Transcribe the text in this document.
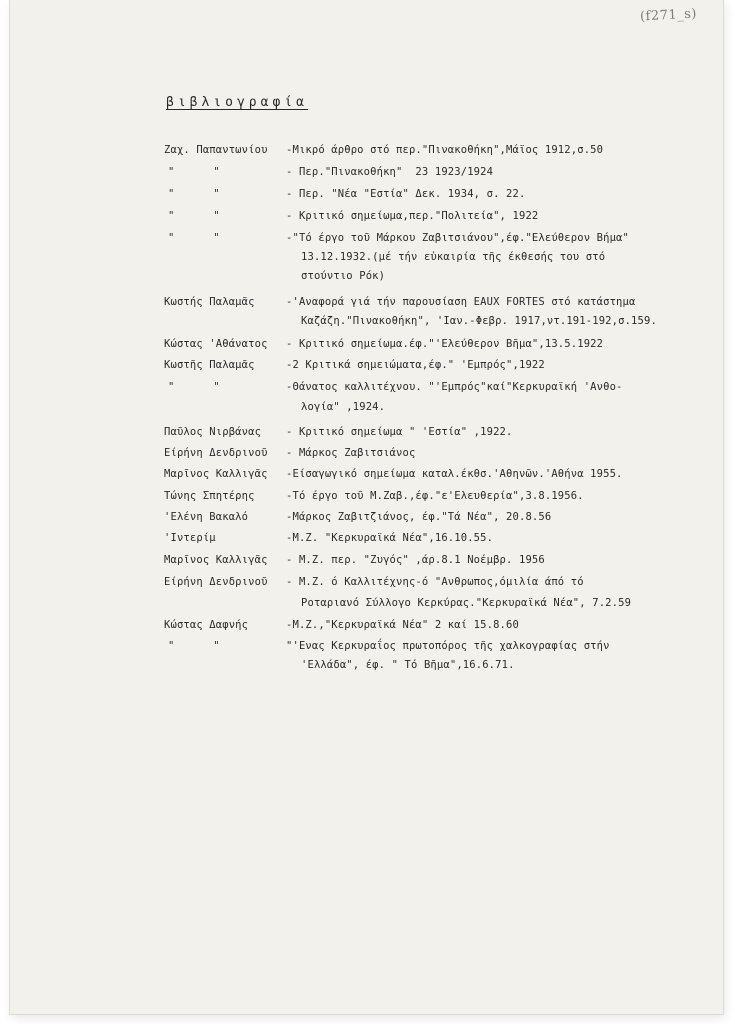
(f271_s)
βιβλιογραφία
Ζαχ. Παπαντωνίου -Μικρό άρθρο στό περ."Πινακοθήκη",Μάϊος 1912,σ.50
"      "	- Περ."Πινακοθήκη"  23 1923/1924
"      "	- Περ. "Νέα "Εστία" Δεκ. 1934, σ. 22.
"      "	- Κριτικό σημείωμα,περ."Πολιτεία", 1922
"      "	-"Τό έργο τοῦ Μάρκου Ζαβιτσιάνου",έφ."Ελεύθερον Βήμα"
13.12.1932.(μέ τήν εὐκαιρία τῆς έκθεσής του στό
στούντιο Ρόκ)
Κωστής Παλαμᾶς	-'Αναφορά γιά τήν παρουσίαση EAUX FORTES στό κατάστημα
Καζάζη."Πινακοθήκη", 'Ιαν.-Φεβρ. 1917,ντ.191-192,σ.159.
Κώστας 'Αθάνατος - Κριτικό σημείωμα.έφ."'Ελεύθερον Βῆμα",13.5.1922
Κωστῆς Παλαμᾶς	-2 Κριτικά σημειώματα,έφ." 'Εμπρός",1922
"      "	-Θάνατος καλλιτέχνου. "'Εμπρός"καί"Κερκυραϊκή 'Ανθο-
λογία" ,1924.
Παῦλος Νιρβάνας - Κριτικό σημείωμα " 'Εστία" ,1922.
Είρήνη Δενδρινοῦ - Μάρκος Ζαβιτσιάνος
Μαρῖνος Καλλιγᾶς -Είσαγωγικό σημείωμα καταλ.έκθσ.'Αθηνῶν.'Αθήνα 1955.
Τώνης Σπητέρης	-Τό έργο τοῦ Μ.Ζαβ.,έφ."ε'Ελευθερία",3.8.1956.
'Ελένη Βακαλό	-Μάρκος Ζαβιτζιάνος, έφ."Τά Νέα", 20.8.56
'Ιντερίμ	-Μ.Ζ. "Κερκυραϊκά Νέα",16.10.55.
Μαρῖνος Καλλιγᾶς - Μ.Ζ. περ. "Ζυγός" ,άρ.8.1 Νοέμβρ. 1956
Είρήνη Δενδρινοῦ - Μ.Ζ. ό Καλλιτέχνης-ό "Ανθρωπος,όμιλία άπό τό
Ροταριανό Σύλλογο Κερκύρας."Κερκυραϊκά Νέα", 7.2.59
Κώστας Δαφνής	-Μ.Ζ.,"Κερκυραϊκά Νέα" 2 καί 15.8.60
"      "	"'Ενας Κερκυραΐος πρωτοπόρος τῆς χαλκογραφίας στήν
'Ελλάδα", έφ. " Τό Βῆμα",16.6.71.
